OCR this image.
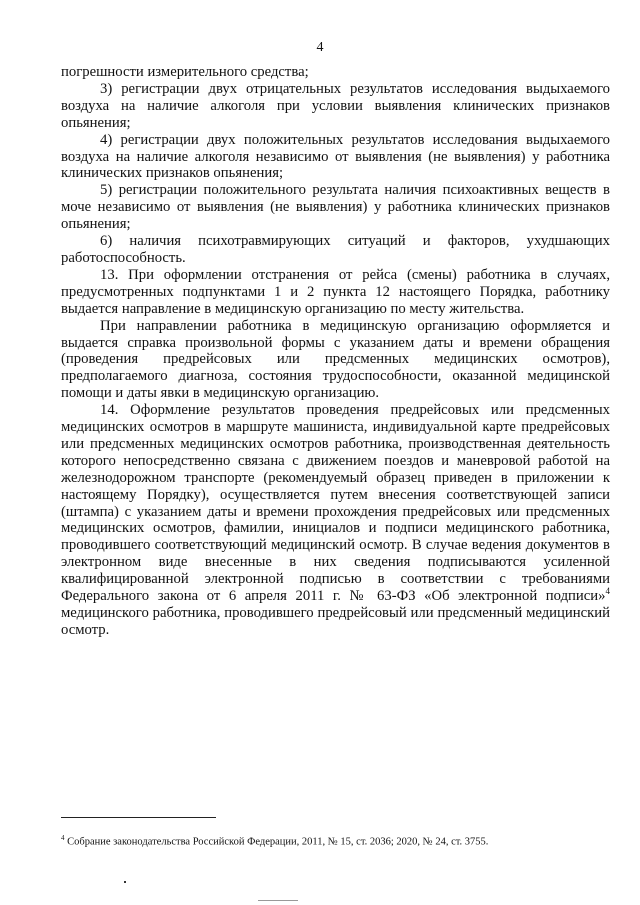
4

погрешности измерительного средства;

3) регистрации двух отрицательных результатов исследования выдыхаемого воздуха на наличие алкоголя при условии выявления клинических признаков опьянения;

4) регистрации двух положительных результатов исследования выдыхаемого воздуха на наличие алкоголя независимо от выявления (не выявления) у работника клинических признаков опьянения;

5) регистрации положительного результата наличия психоактивных веществ в моче независимо от выявления (не выявления) у работника клинических признаков опьянения;

6) наличия психотравмирующих ситуаций и факторов, ухудшающих работоспособность.

13. При оформлении отстранения от рейса (смены) работника в случаях, предусмотренных подпунктами 1 и 2 пункта 12 настоящего Порядка, работнику выдается направление в медицинскую организацию по месту жительства.

При направлении работника в медицинскую организацию оформляется и выдается справка произвольной формы с указанием даты и времени обращения (проведения предрейсовых или предсменных медицинских осмотров), предполагаемого диагноза, состояния трудоспособности, оказанной медицинской помощи и даты явки в медицинскую организацию.

14. Оформление результатов проведения предрейсовых или предсменных медицинских осмотров в маршруте машиниста, индивидуальной карте предрейсовых или предсменных медицинских осмотров работника, производственная деятельность которого непосредственно связана с движением поездов и маневровой работой на железнодорожном транспорте (рекомендуемый образец приведен в приложении к настоящему Порядку), осуществляется путем внесения соответствующей записи (штампа) с указанием даты и времени прохождения предрейсовых или предсменных медицинских осмотров, фамилии, инициалов и подписи медицинского работника, проводившего соответствующий медицинский осмотр. В случае ведения документов в электронном виде внесенные в них сведения подписываются усиленной квалифицированной электронной подписью в соответствии с требованиями Федерального закона от 6 апреля 2011 г. № 63-ФЗ «Об электронной подписи»$^4$ медицинского работника, проводившего предрейсовый или предсменный медицинский осмотр.

$^4$ Собрание законодательства Российской Федерации, 2011, № 15, ст. 2036; 2020, № 24, ст. 3755.
